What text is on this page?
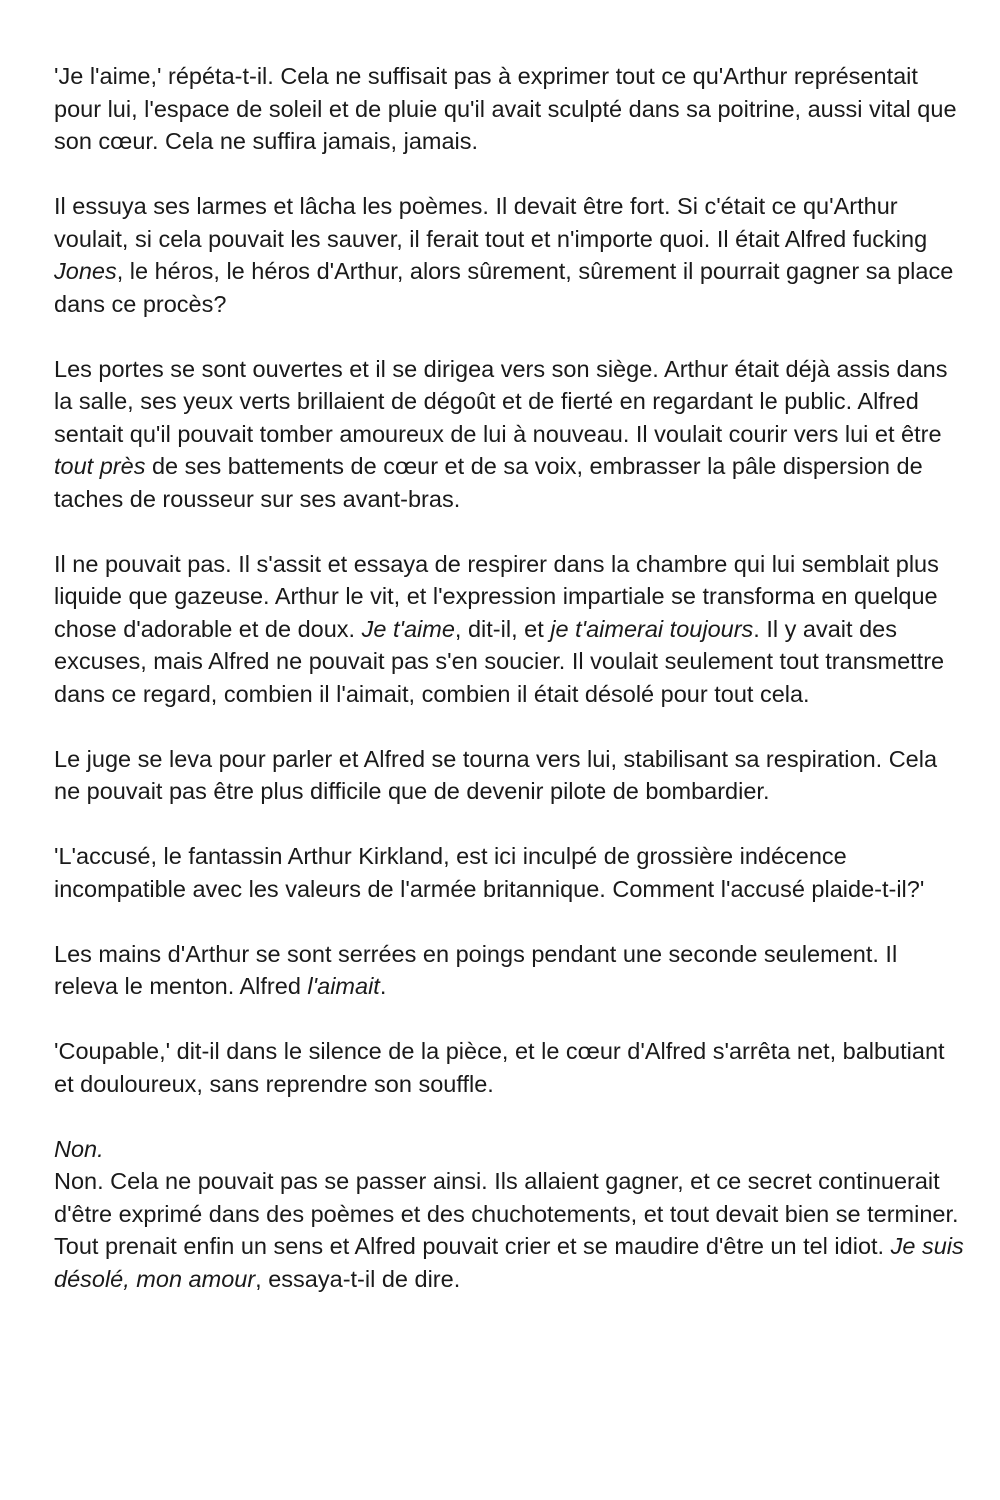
'Je l'aime,' répéta-t-il. Cela ne suffisait pas à exprimer tout ce qu'Arthur représentait pour lui, l'espace de soleil et de pluie qu'il avait sculpté dans sa poitrine, aussi vital que son cœur. Cela ne suffira jamais, jamais.

Il essuya ses larmes et lâcha les poèmes. Il devait être fort. Si c'était ce qu'Arthur voulait, si cela pouvait les sauver, il ferait tout et n'importe quoi. Il était Alfred fucking Jones, le héros, le héros d'Arthur, alors sûrement, sûrement il pourrait gagner sa place dans ce procès?

Les portes se sont ouvertes et il se dirigea vers son siège. Arthur était déjà assis dans la salle, ses yeux verts brillaient de dégoût et de fierté en regardant le public. Alfred sentait qu'il pouvait tomber amoureux de lui à nouveau. Il voulait courir vers lui et être tout près de ses battements de cœur et de sa voix, embrasser la pâle dispersion de taches de rousseur sur ses avant-bras.

Il ne pouvait pas. Il s'assit et essaya de respirer dans la chambre qui lui semblait plus liquide que gazeuse. Arthur le vit, et l'expression impartiale se transforma en quelque chose d'adorable et de doux. Je t'aime, dit-il, et je t'aimerai toujours. Il y avait des excuses, mais Alfred ne pouvait pas s'en soucier. Il voulait seulement tout transmettre dans ce regard, combien il l'aimait, combien il était désolé pour tout cela.

Le juge se leva pour parler et Alfred se tourna vers lui, stabilisant sa respiration. Cela ne pouvait pas être plus difficile que de devenir pilote de bombardier.

'L'accusé, le fantassin Arthur Kirkland, est ici inculpé de grossière indécence incompatible avec les valeurs de l'armée britannique. Comment l'accusé plaide-t-il?'

Les mains d'Arthur se sont serrées en poings pendant une seconde seulement. Il releva le menton. Alfred l'aimait.

'Coupable,' dit-il dans le silence de la pièce, et le cœur d'Alfred s'arrêta net, balbutiant et douloureux, sans reprendre son souffle.

Non.

Non. Cela ne pouvait pas se passer ainsi. Ils allaient gagner, et ce secret continuerait d'être exprimé dans des poèmes et des chuchotements, et tout devait bien se terminer. Tout prenait enfin un sens et Alfred pouvait crier et se maudire d'être un tel idiot. Je suis désolé, mon amour, essaya-t-il de dire.
